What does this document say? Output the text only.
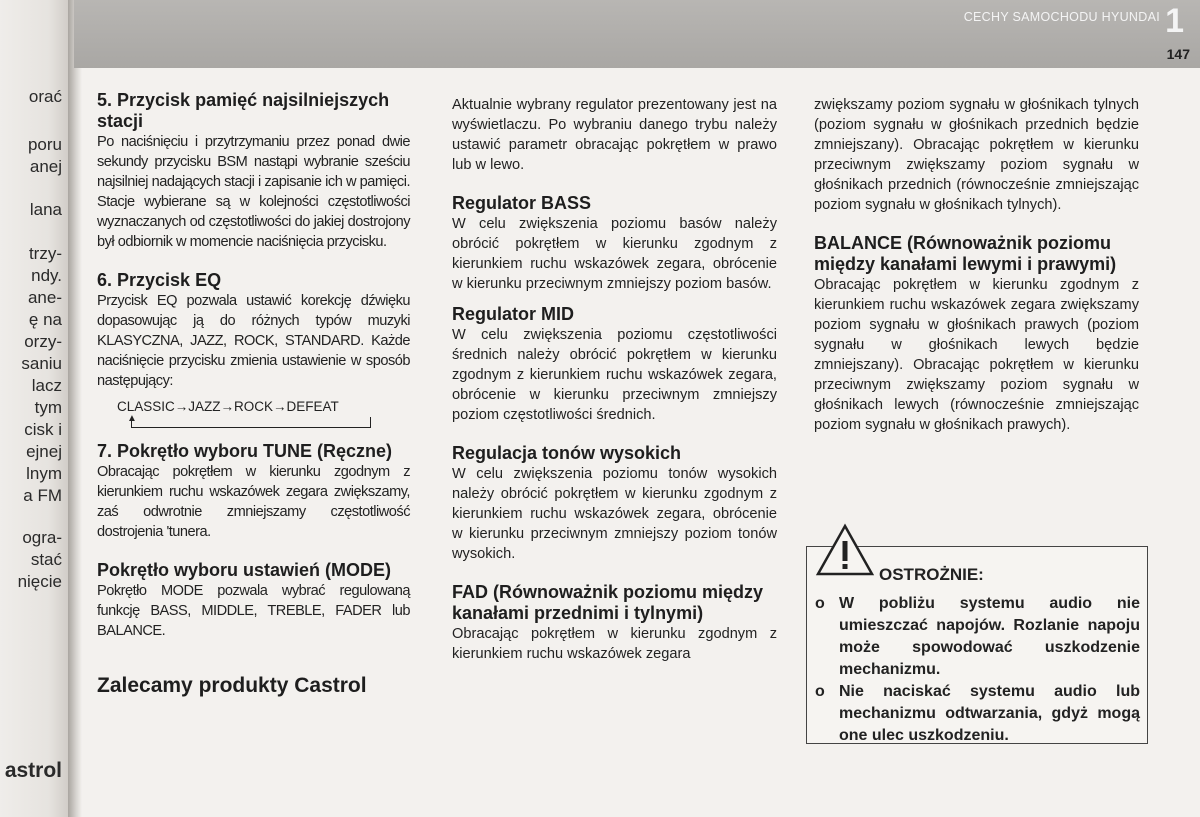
orać
poru
anej
lana
trzy-
ndy.
ane-
ę na
orzy-
saniu
lacz
tym
cisk i
ejnej
lnym
a FM
ogra-
stać
nięcie
astrol
CECHY SAMOCHODU HYUNDAI 1
147
5. Przycisk pamięć najsilniejszych stacji

Po naciśnięciu i przytrzymaniu przez ponad dwie sekundy przycisku BSM nastąpi wybranie sześciu najsilniej nadających stacji i zapisanie ich w pamięci. Stacje wybierane są w kolejności częstotliwości wyznaczanych od częstotliwości do jakiej dostrojony był odbiornik w momencie naciśnięcia przycisku.

6. Przycisk EQ

Przycisk EQ pozwala ustawić korekcję dźwięku dopasowując ją do różnych typów muzyki KLASYCZNA, JAZZ, ROCK, STANDARD. Każde naciśnięcie przycisku zmienia ustawienie w sposób następujący:

CLASSIC→JAZZ→ROCK→DEFEAT
▲
7. Pokrętło wyboru TUNE (Ręczne)

Obracając pokrętłem w kierunku zgodnym z kierunkiem ruchu wskazówek zegara zwiększamy, zaś odwrotnie zmniejszamy częstotliwość dostrojenia 'tunera.

Pokrętło wyboru ustawień (MODE)

Pokrętło MODE pozwala wybrać regulowaną funkcję BASS, MIDDLE, TREBLE, FADER lub BALANCE.

Zalecamy produkty Castrol

Aktualnie wybrany regulator prezentowany jest na wyświetlaczu. Po wybraniu danego trybu należy ustawić parametr obracając pokrętłem w prawo lub w lewo.

Regulator BASS

W celu zwiększenia poziomu basów należy obrócić pokrętłem w kierunku zgodnym z kierunkiem ruchu wskazówek zegara, obrócenie w kierunku przeciwnym zmniejszy poziom basów.

Regulator MID

W celu zwiększenia poziomu częstotliwości średnich należy obrócić pokrętłem w kierunku zgodnym z kierunkiem ruchu wskazówek zegara, obrócenie w kierunku przeciwnym zmniejszy poziom częstotliwości średnich.

Regulacja tonów wysokich

W celu zwiększenia poziomu tonów wysokich należy obrócić pokrętłem w kierunku zgodnym z kierunkiem ruchu wskazówek zegara, obrócenie w kierunku przeciwnym zmniejszy poziom tonów wysokich.

FAD (Równoważnik poziomu między kanałami przednimi i tylnymi)

Obracając pokrętłem w kierunku zgodnym z kierunkiem ruchu wskazówek zegara

zwiększamy poziom sygnału w głośnikach tylnych (poziom sygnału w głośnikach przednich będzie zmniejszany). Obracając pokrętłem w kierunku przeciwnym zwiększamy poziom sygnału w głośnikach przednich (równocześnie zmniejszając poziom sygnału w głośnikach tylnych).

BALANCE (Równoważnik poziomu między kanałami lewymi i prawymi)

Obracając pokrętłem w kierunku zgodnym z kierunkiem ruchu wskazówek zegara zwiększamy poziom sygnału w głośnikach prawych (poziom sygnału w głośnikach lewych będzie zmniejszany). Obracając pokrętłem w kierunku przeciwnym zwiększamy poziom sygnału w głośnikach lewych (równocześnie zmniejszając poziom sygnału w głośnikach prawych).

OSTROŻNIE:
o W pobliżu systemu audio nie umieszczać napojów. Rozlanie napoju może spowodować uszkodzenie mechanizmu.
o Nie naciskać systemu audio lub mechanizmu odtwarzania, gdyż mogą one ulec uszkodzeniu.
